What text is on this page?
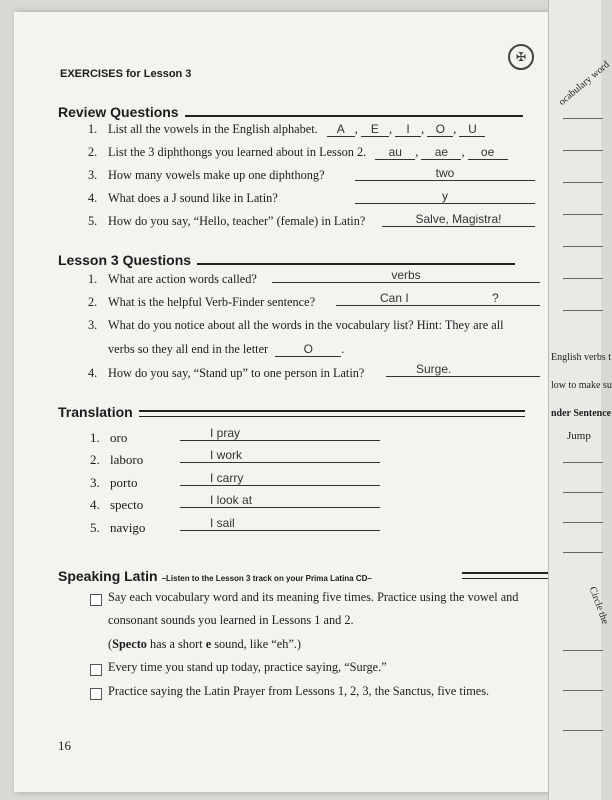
ocabulary word
English verbs t
low to make su
nder Sentence
Jump
Circle the
EXERCISES for Lesson 3
✠
Review Questions
1. List all the vowels in the English alphabet. A , E , I , O , U
2. List the 3 diphthongs you learned about in Lesson 2. au , ae , oe
3. How many vowels make up one diphthong?	two
4. What does a J sound like in Latin?	y
5. How do you say, “Hello, teacher” (female) in Latin?	Salve, Magistra!
Lesson 3 Questions
1. What are action words called?	verbs
2. What is the helpful Verb-Finder sentence?	Can I	?
3. What do you notice about all the words in the vocabulary list? Hint: They are all
verbs so they all end in the letter	O .
4. How do you say, “Stand up” to one person in Latin?	Surge.
Translation
1. oro	I pray
2. laboro	I work
3. porto	I carry
4. specto	I look at
5. navigo	I sail
Speaking Latin –Listen to the Lesson 3 track on your Prima Latina CD–
Say each vocabulary word and its meaning five times. Practice using the vowel and
consonant sounds you learned in Lessons 1 and 2.
(Specto has a short e sound, like “eh”.)
Every time you stand up today, practice saying, “Surge.”
Practice saying the Latin Prayer from Lessons 1, 2, 3, the Sanctus, five times.
16
